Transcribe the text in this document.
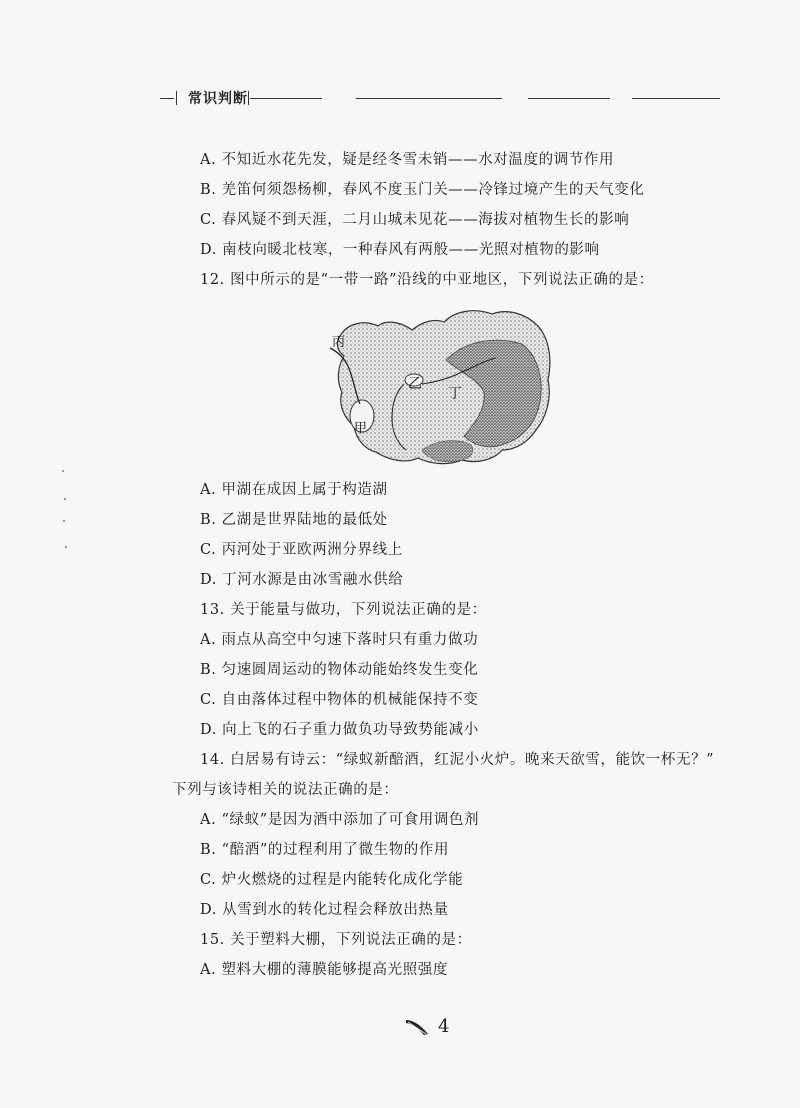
常识判断
A. 不知近水花先发，疑是经冬雪未销——水对温度的调节作用
B. 羌笛何须怨杨柳，春风不度玉门关——冷锋过境产生的天气变化
C. 春风疑不到天涯，二月山城未见花——海拔对植物生长的影响
D. 南枝向暖北枝寒，一种春风有两般——光照对植物的影响
12. 图中所示的是“一带一路”沿线的中亚地区，下列说法正确的是：
丙
乙
丁
甲
A. 甲湖在成因上属于构造湖
B. 乙湖是世界陆地的最低处
C. 丙河处于亚欧两洲分界线上
D. 丁河水源是由冰雪融水供给
13. 关于能量与做功，下列说法正确的是：
A. 雨点从高空中匀速下落时只有重力做功
B. 匀速圆周运动的物体动能始终发生变化
C. 自由落体过程中物体的机械能保持不变
D. 向上飞的石子重力做负功导致势能减小
14. 白居易有诗云：“绿蚁新醅酒，红泥小火炉。晚来天欲雪，能饮一杯无？”
下列与该诗相关的说法正确的是：
A. “绿蚁”是因为酒中添加了可食用调色剂
B. “醅酒”的过程利用了微生物的作用
C. 炉火燃烧的过程是内能转化成化学能
D. 从雪到水的转化过程会释放出热量
15. 关于塑料大棚，下列说法正确的是：
A. 塑料大棚的薄膜能够提高光照强度
4
